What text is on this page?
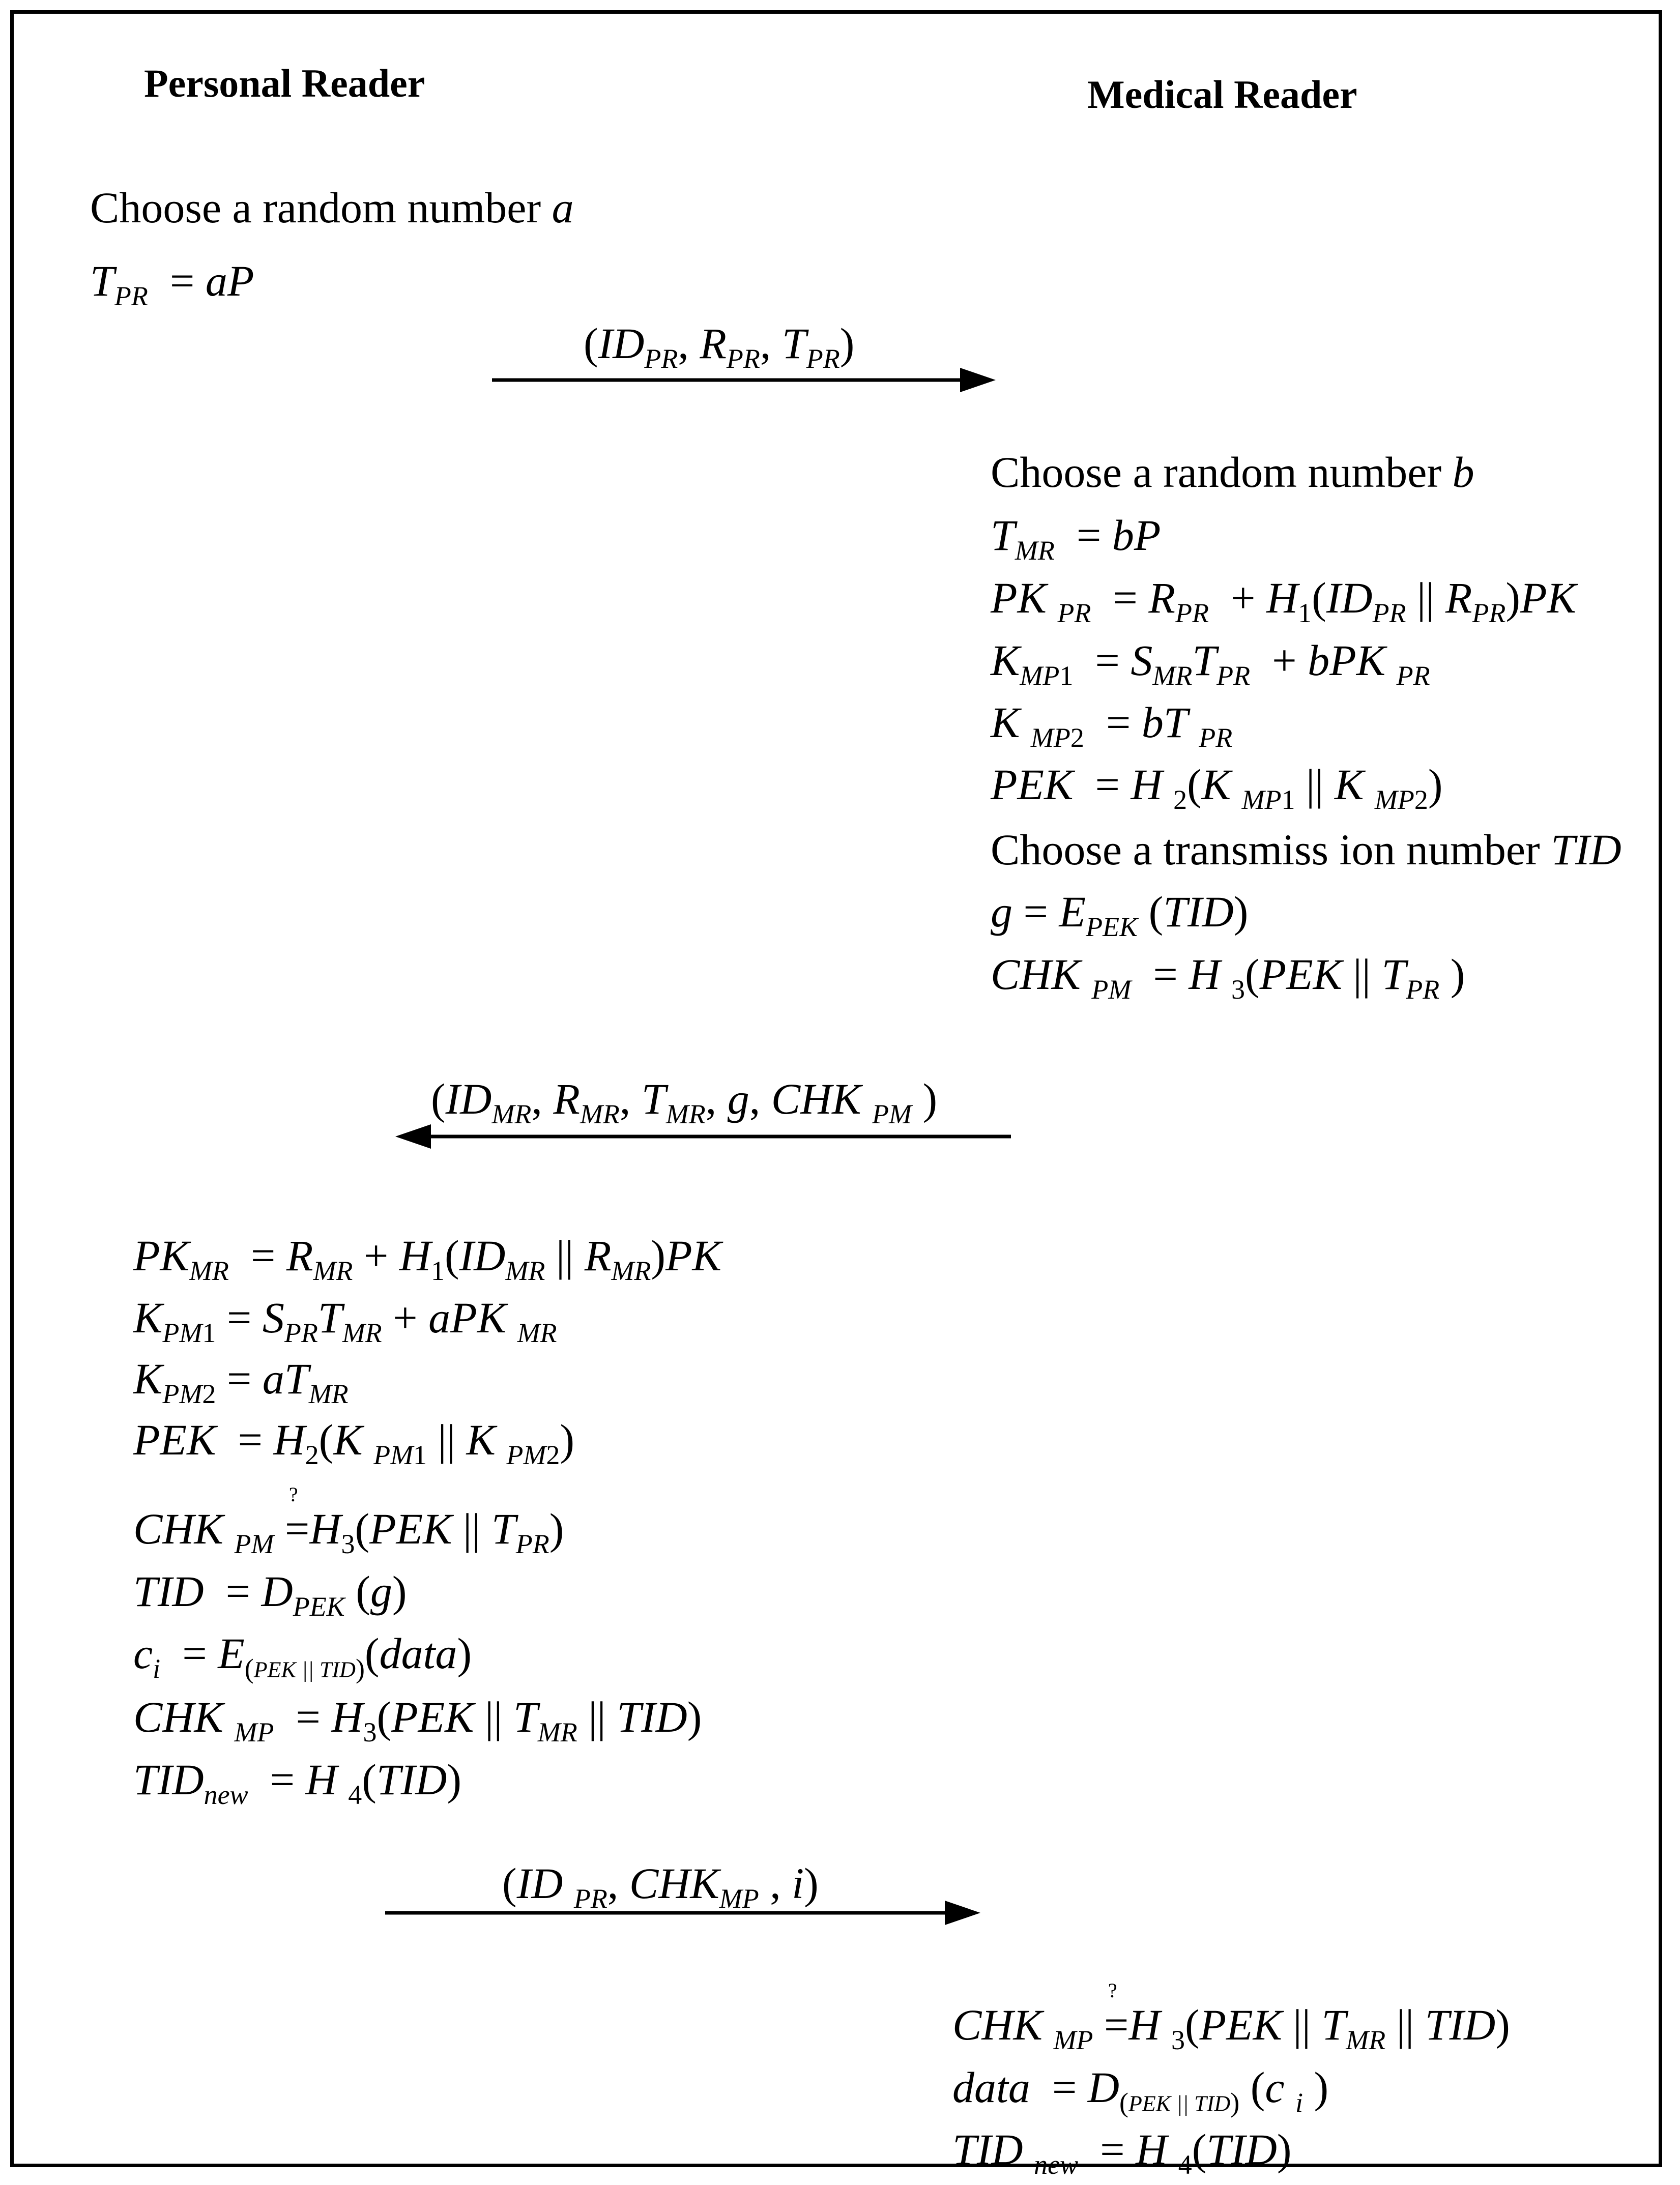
Personal Reader	Medical Reader
Choose a random number a
$T_{PR}$  = aP
($ID_{PR}$, $R_{PR}$, $T_{PR}$)
Choose a random number b
$T_{MR}$  = bP
PK $_{PR} = R_{PR} + H_1(ID_{PR}$ || $R_{PR})PK$
$K_{MP1} = S_{MR}T_{PR}$  + bPK $_{PR}$
K $_{MP2}$  = bT $_{PR}$
PEK  = H $_2$(K $_{MP1}$ || K $_{MP2}$)
Choose a transmiss ion number TID
$g = E_{PEK}$ (TID)
CHK $_{PM}$  = H $_3$(PEK || $T_{PR}$ )
($ID_{MR}$, $R_{MR}$, $T_{MR}$, g, CHK $_{PM}$ )
$PK_{MR} = R_{MR} + H_1(ID_{MR}$ || $R_{MR})PK$
$K_{PM1} = S_{PR}T_{MR}$ + aPK $_{MR}$
$K_{PM2} = aT_{MR}$
PEK  = $H_2(K$ $_{PM1}$ || K $_{PM2}$)
CHK $_{PM}$ ? $=H_3(PEK$ || $T_{PR}$)
TID  = $D_{PEK}$ (g)
$c_i$  = $E_{(PEK || TID)}(data)$
CHK $_{MP} = H_3(PEK$ || $T_{MR}$ || TID)
$TID_{new} = H$ $_4$(TID)
(ID $_{PR}$, $CHK_{MP}$ , i)
CHK $_{MP}$ ? =H $_3$(PEK || $T_{MR}$ || TID)
data  = $D_{(PEK || TID)}$ (c $_i$ )
TID $_{new}$  = H $_4$(TID)
